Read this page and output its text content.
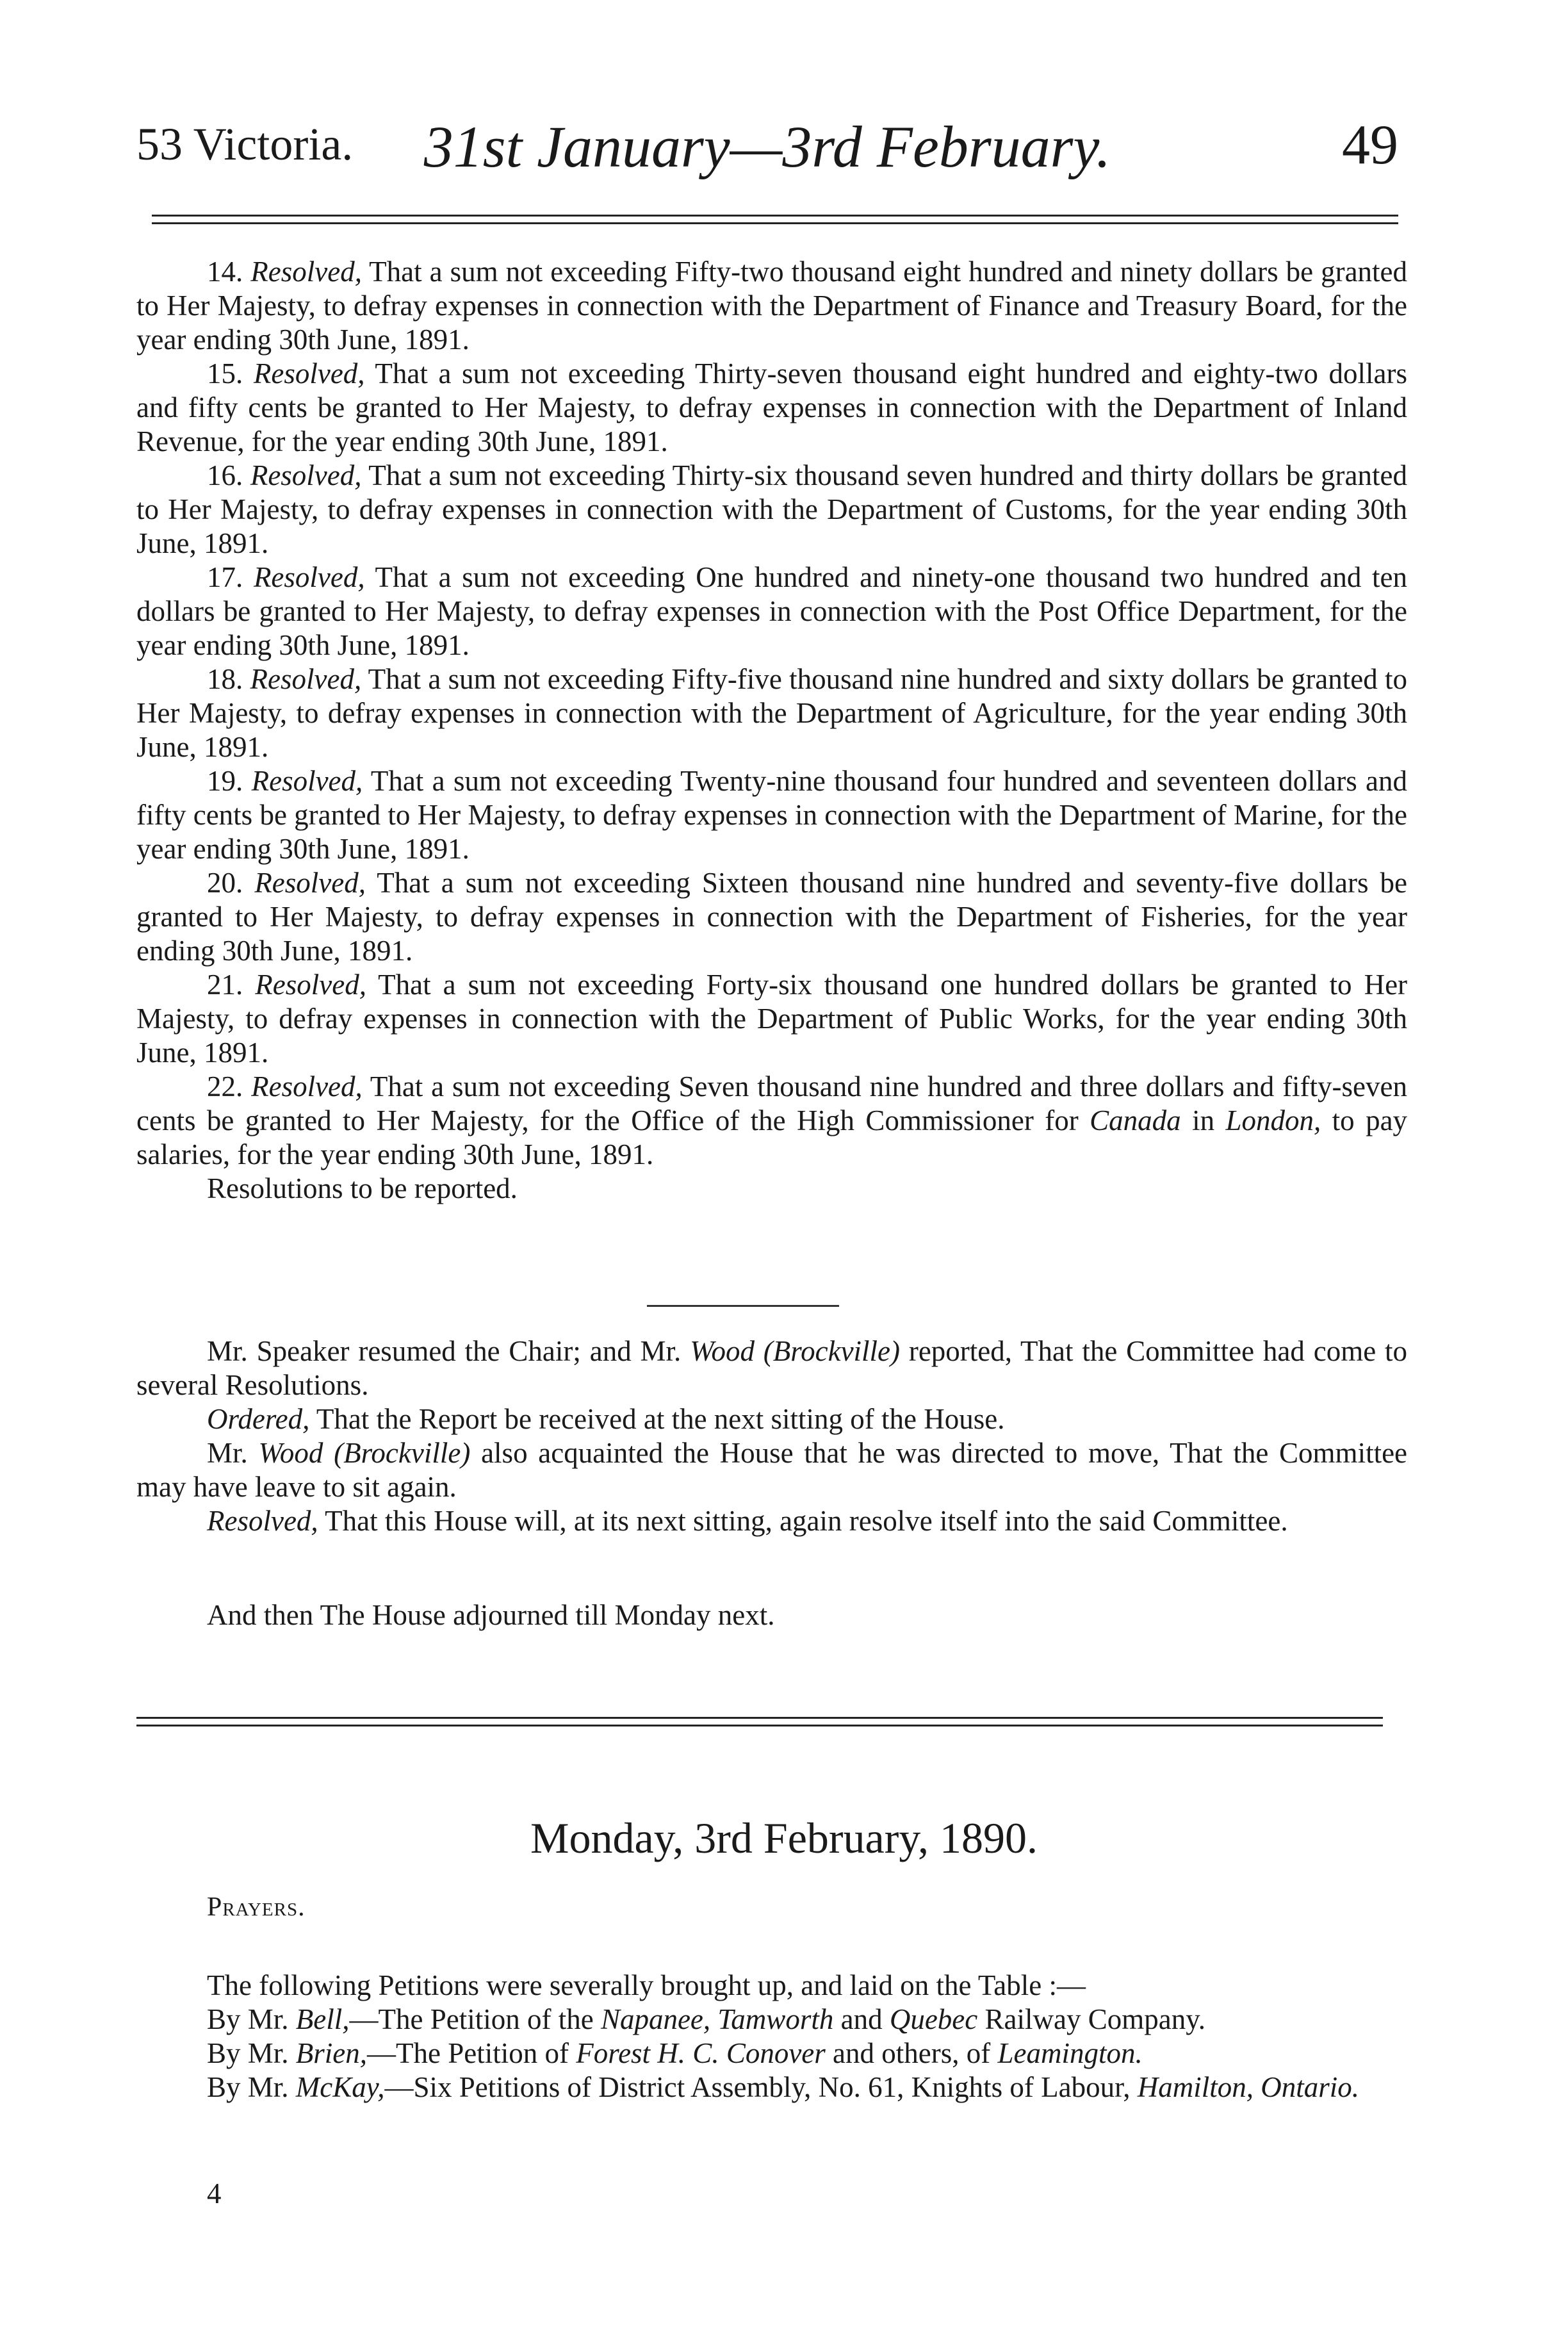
53 Victoria.	31st January—3rd February.	49

14. Resolved, That a sum not exceeding Fifty-two thousand eight hundred and ninety dollars be granted to Her Majesty, to defray expenses in connection with the Department of Finance and Treasury Board, for the year ending 30th June, 1891.

15. Resolved, That a sum not exceeding Thirty-seven thousand eight hundred and eighty-two dollars and fifty cents be granted to Her Majesty, to defray expenses in connection with the Department of Inland Revenue, for the year ending 30th June, 1891.

16. Resolved, That a sum not exceeding Thirty-six thousand seven hundred and thirty dollars be granted to Her Majesty, to defray expenses in connection with the Department of Customs, for the year ending 30th June, 1891.

17. Resolved, That a sum not exceeding One hundred and ninety-one thousand two hundred and ten dollars be granted to Her Majesty, to defray expenses in connection with the Post Office Department, for the year ending 30th June, 1891.

18. Resolved, That a sum not exceeding Fifty-five thousand nine hundred and sixty dollars be granted to Her Majesty, to defray expenses in connection with the Department of Agriculture, for the year ending 30th June, 1891.

19. Resolved, That a sum not exceeding Twenty-nine thousand four hundred and seventeen dollars and fifty cents be granted to Her Majesty, to defray expenses in connection with the Department of Marine, for the year ending 30th June, 1891.

20. Resolved, That a sum not exceeding Sixteen thousand nine hundred and seventy-five dollars be granted to Her Majesty, to defray expenses in connection with the Department of Fisheries, for the year ending 30th June, 1891.

21. Resolved, That a sum not exceeding Forty-six thousand one hundred dollars be granted to Her Majesty, to defray expenses in connection with the Department of Public Works, for the year ending 30th June, 1891.

22. Resolved, That a sum not exceeding Seven thousand nine hundred and three dollars and fifty-seven cents be granted to Her Majesty, for the Office of the High Commissioner for Canada in London, to pay salaries, for the year ending 30th June, 1891.

Resolutions to be reported.

Mr. Speaker resumed the Chair; and Mr. Wood (Brockville) reported, That the Committee had come to several Resolutions.

Ordered, That the Report be received at the next sitting of the House.

Mr. Wood (Brockville) also acquainted the House that he was directed to move, That the Committee may have leave to sit again.

Resolved, That this House will, at its next sitting, again resolve itself into the said Committee.

And then The House adjourned till Monday next.
Monday, 3rd February, 1890.
Prayers.

The following Petitions were severally brought up, and laid on the Table :—

By Mr. Bell,—The Petition of the Napanee, Tamworth and Quebec Railway Company.

By Mr. Brien,—The Petition of Forest H. C. Conover and others, of Leamington.

By Mr. McKay,—Six Petitions of District Assembly, No. 61, Knights of Labour, Hamilton, Ontario.

4
